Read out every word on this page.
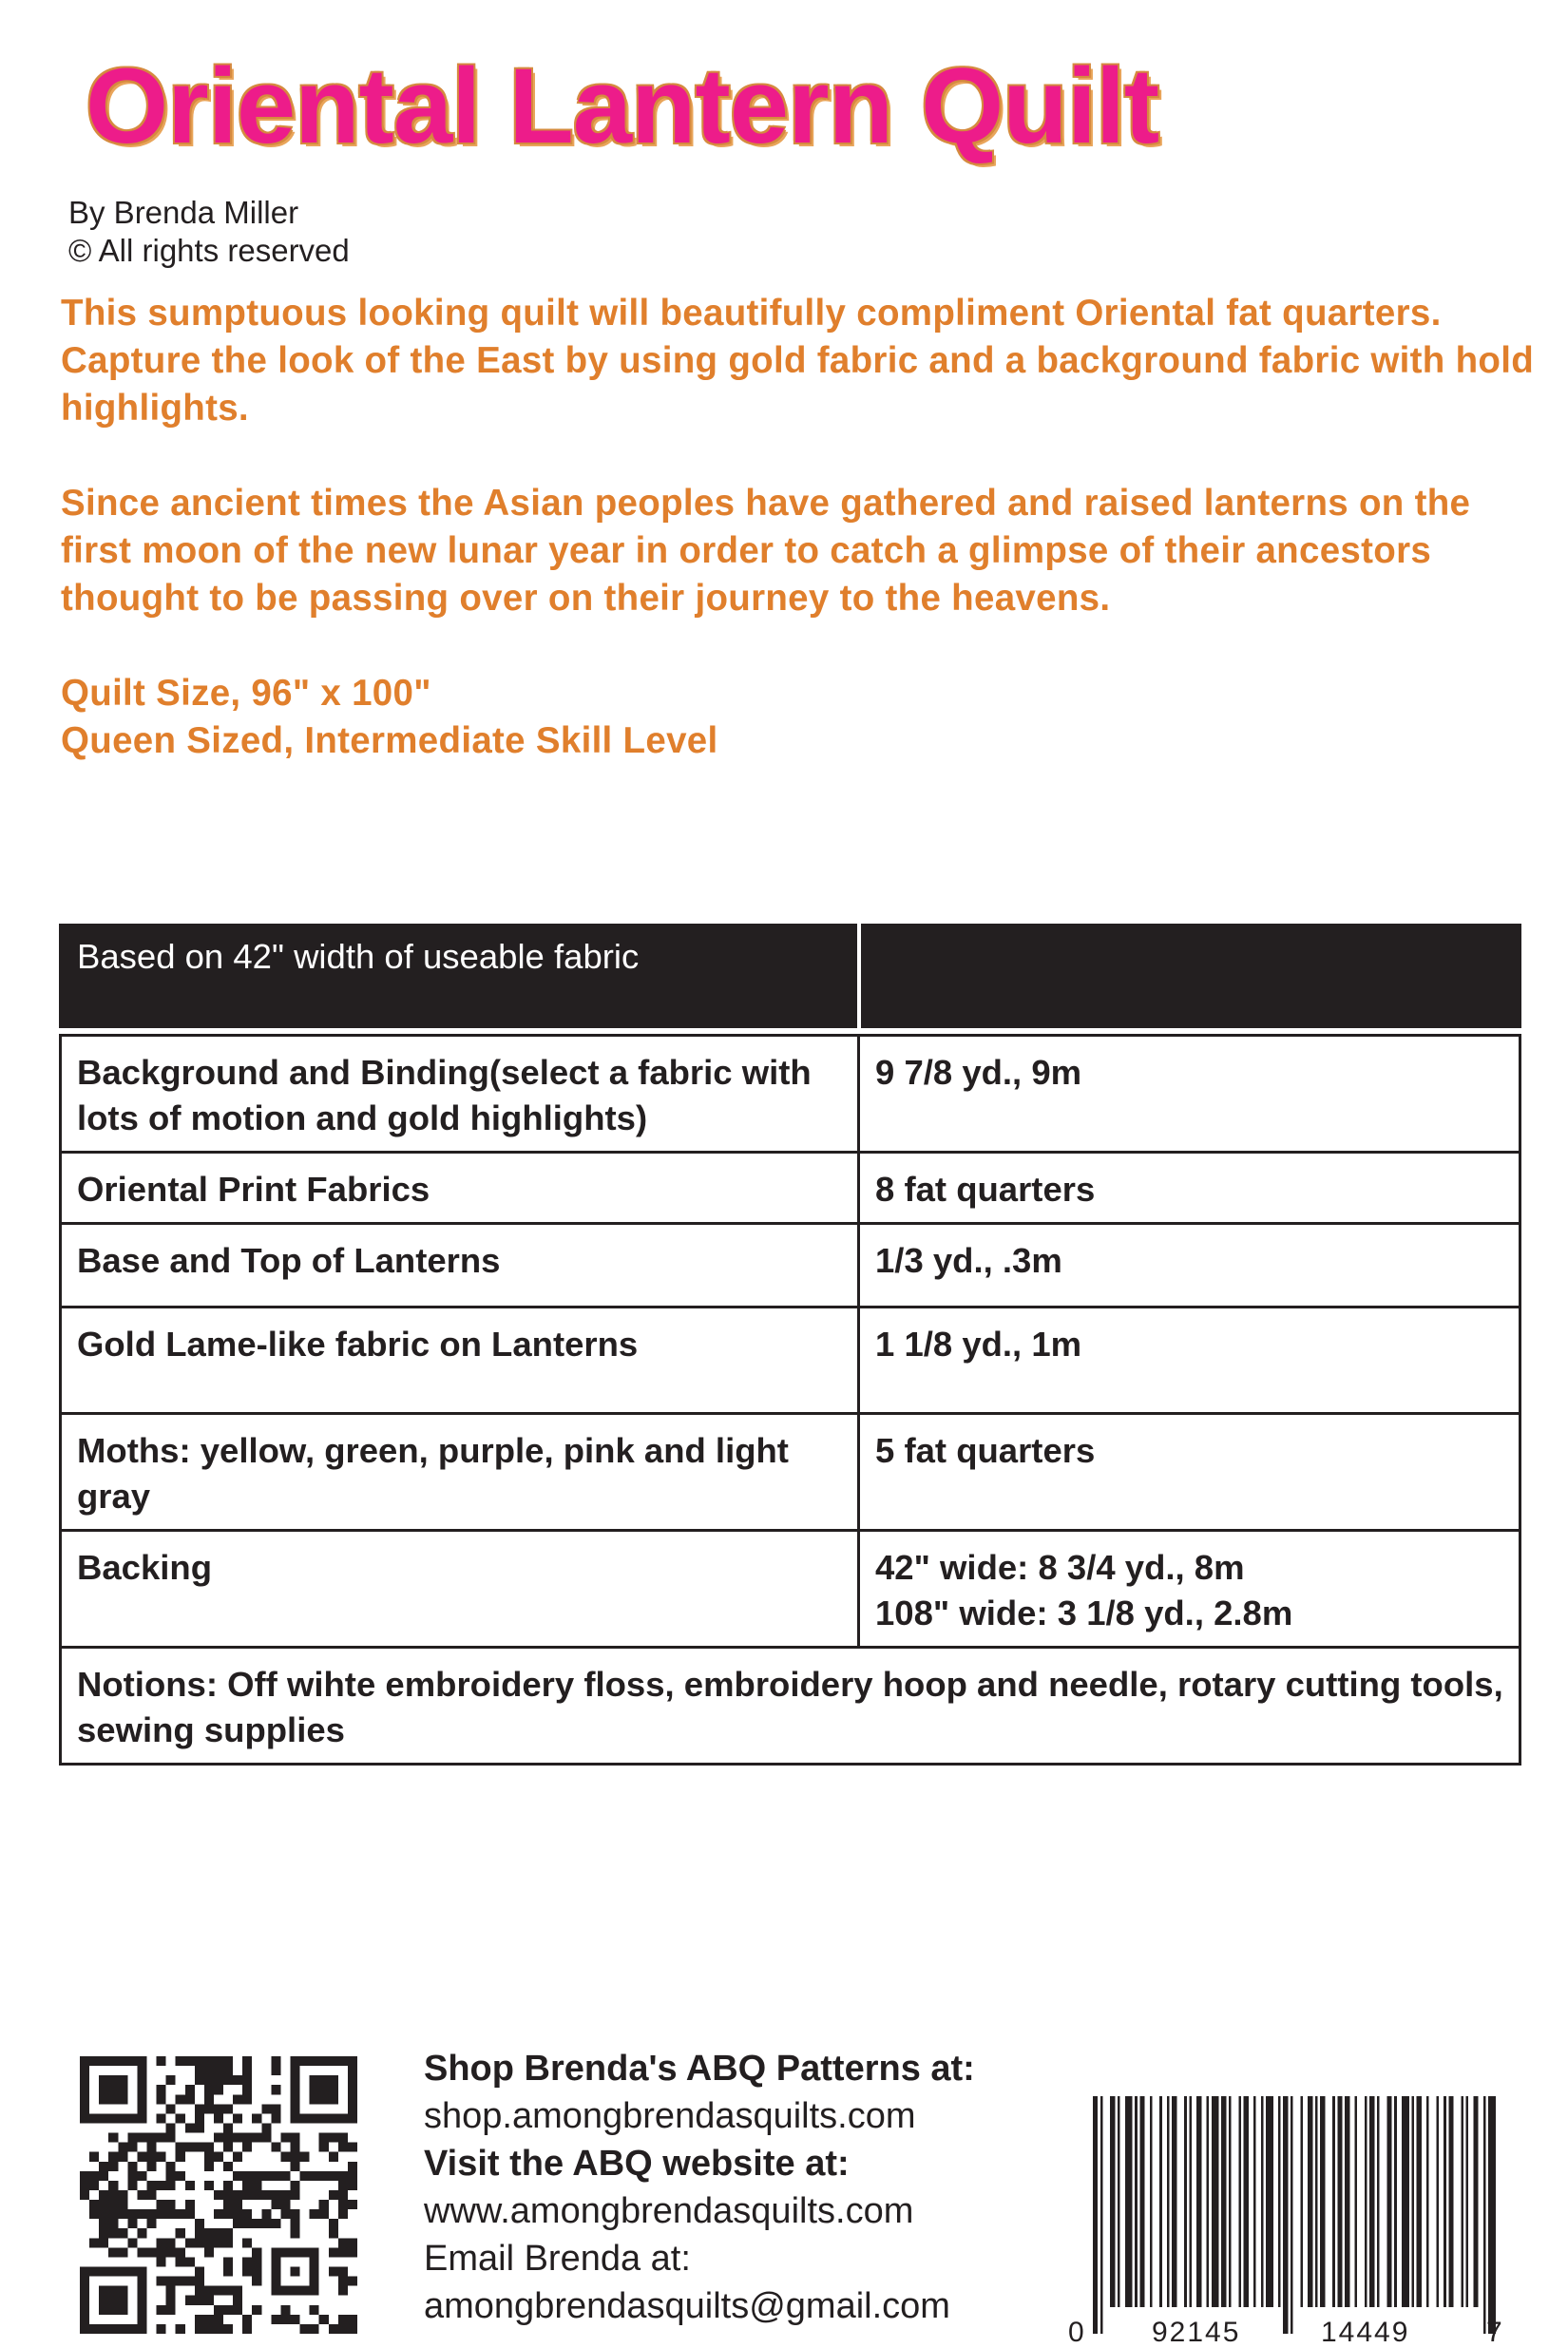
Oriental Lantern Quilt
By Brenda Miller
© All rights reserved

This sumptuous looking quilt will beautifully compliment Oriental fat quarters. Capture the look of the East by using gold fabric and a background fabric with hold highlights.

Since ancient times the Asian peoples have gathered and raised lanterns on the first moon of the new lunar year in order to catch a glimpse of their ancestors thought to be passing over on their journey to the heavens.

Quilt Size, 96" x 100"
Queen Sized, Intermediate Skill Level

Based on 42" width of useable fabric	

Background and Binding(select a fabric with lots of motion and gold highlights)	9 7/8 yd., 9m
Oriental Print Fabrics	8 fat quarters
Base and Top of Lanterns	1/3 yd., .3m
Gold Lame-like fabric on Lanterns	1 1/8 yd., 1m
Moths: yellow, green, purple, pink and light gray	5 fat quarters
Backing	42" wide: 8 3/4 yd., 8m
108" wide: 3 1/8 yd., 2.8m
Notions: Off wihte embroidery floss, embroidery hoop and needle, rotary cutting tools, sewing supplies	
Shop Brenda's ABQ Patterns at:
shop.amongbrendasquilts.com
Visit the ABQ website at:
www.amongbrendasquilts.com
Email Brenda at:
amongbrendasquilts@gmail.com
0 92145	14449	7
